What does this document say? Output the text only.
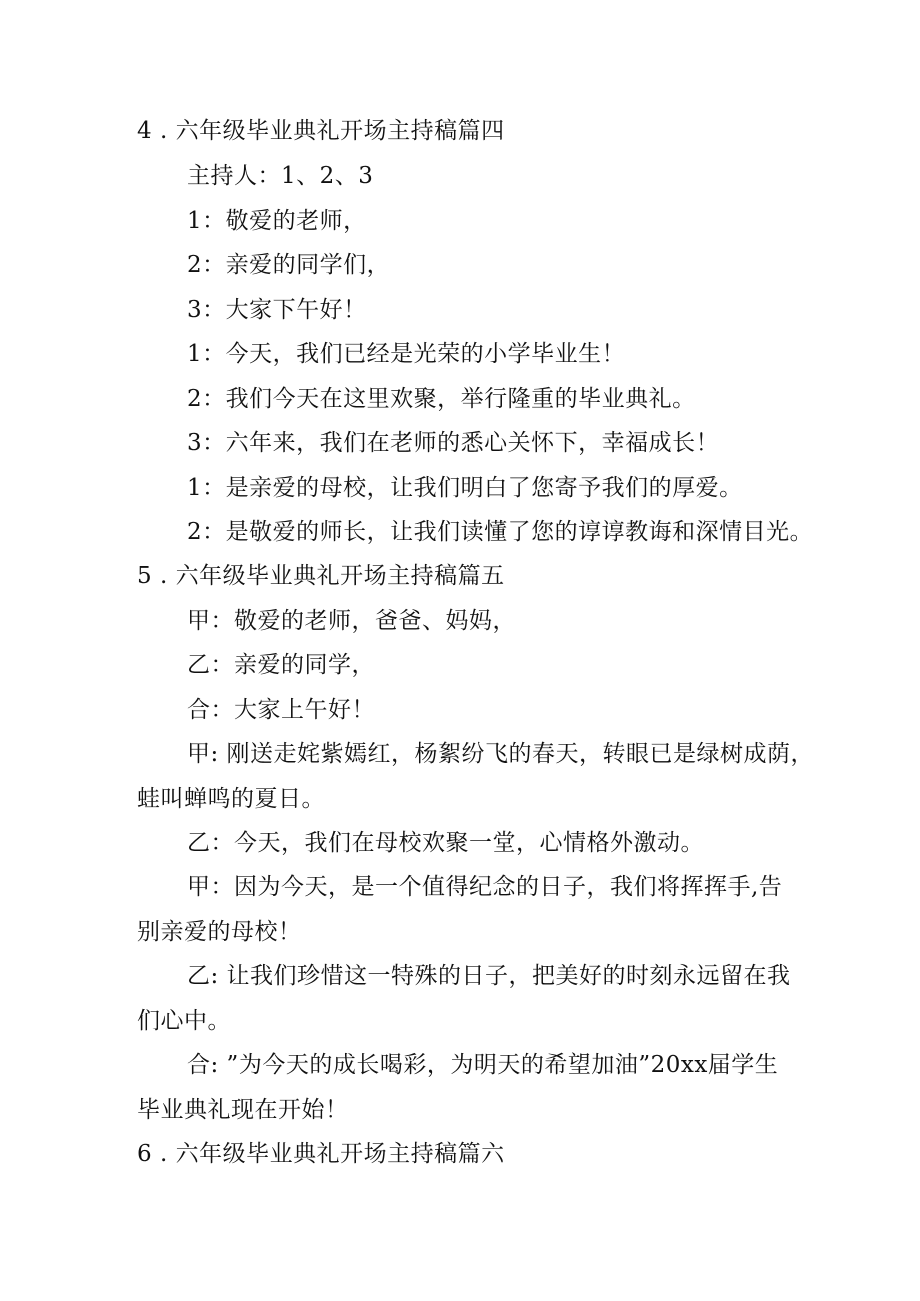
4 . 六年级毕业典礼开场主持稿篇四
主持人：1、2、3
1：敬爱的老师，
2：亲爱的同学们，
3：大家下午好！
1：今天，我们已经是光荣的小学毕业生！
2：我们今天在这里欢聚，举行隆重的毕业典礼。
3：六年来，我们在老师的悉心关怀下，幸福成长！
1：是亲爱的母校，让我们明白了您寄予我们的厚爱。
2：是敬爱的师长，让我们读懂了您的谆谆教诲和深情目光。
5 . 六年级毕业典礼开场主持稿篇五
甲：敬爱的老师，爸爸、妈妈，
乙：亲爱的同学，
合：大家上午好！
甲: 刚送走姹紫嫣红，杨絮纷飞的春天，转眼已是绿树成荫，
蛙叫蝉鸣的夏日。
乙：今天，我们在母校欢聚一堂，心情格外激动。
甲：因为今天，是一个值得纪念的日子，我们将挥挥手,告
别亲爱的母校！
乙: 让我们珍惜这一特殊的日子，把美好的时刻永远留在我
们心中。
合: ”为今天的成长喝彩，为明天的希望加油”20xx届学生
毕业典礼现在开始！
6 . 六年级毕业典礼开场主持稿篇六
